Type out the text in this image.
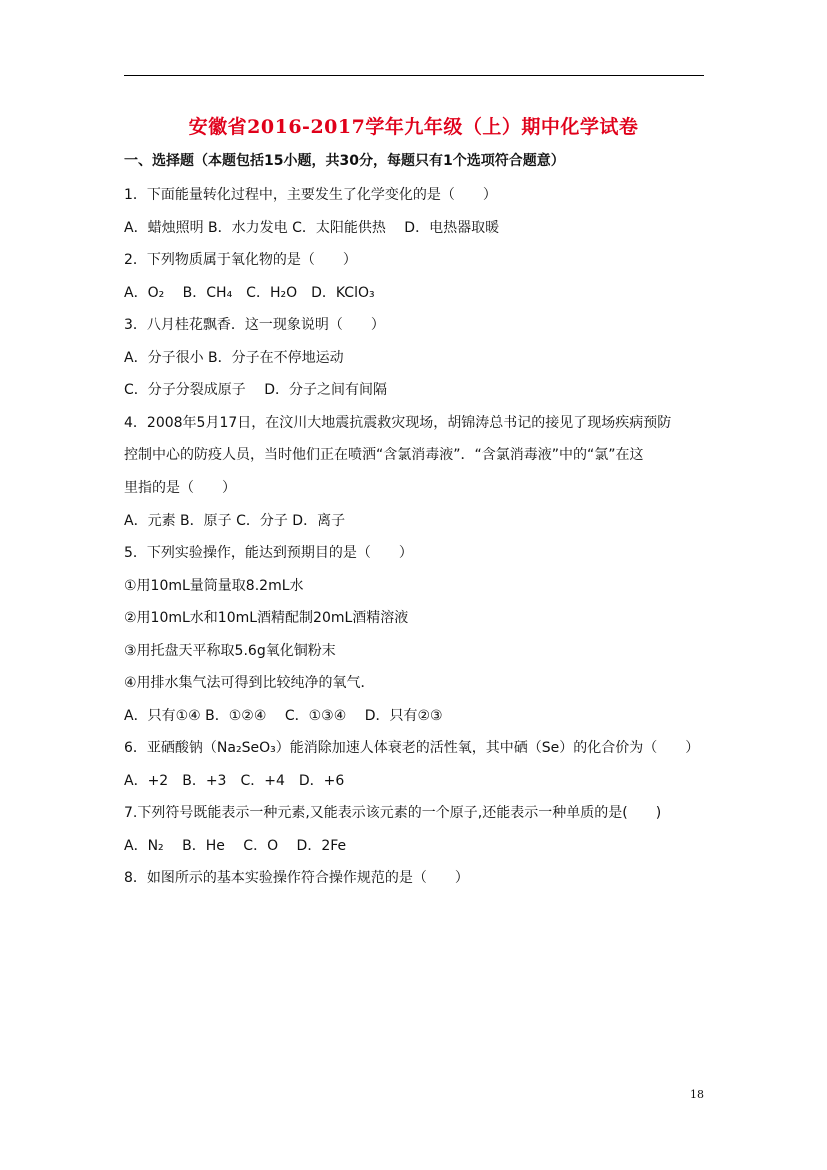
安徽省2016-2017学年九年级（上）期中化学试卷
一、选择题（本题包括15小题，共30分，每题只有1个选项符合题意）
1．下面能量转化过程中，主要发生了化学变化的是（　　）
A．蜡烛照明 B．水力发电 C．太阳能供热　 D．电热器取暖
2．下列物质属于氧化物的是（　　）
A．O₂　 B．CH₄　C．H₂O　D．KClO₃
3．八月桂花飘香．这一现象说明（　　）
A．分子很小 B．分子在不停地运动
C．分子分裂成原子　 D．分子之间有间隔
4．2008年5月17日，在汶川大地震抗震救灾现场，胡锦涛总书记的接见了现场疾病预防
控制中心的防疫人员，当时他们正在喷洒“含氯消毒液”．“含氯消毒液”中的“氯”在这
里指的是（　　）
A．元素 B．原子 C．分子 D．离子
5．下列实验操作，能达到预期目的是（　　）
①用10mL量筒量取8.2mL水
②用10mL水和10mL酒精配制20mL酒精溶液
③用托盘天平称取5.6g氧化铜粉末
④用排水集气法可得到比较纯净的氧气．
A．只有①④ B．①②④　 C．①③④　 D．只有②③
6．亚硒酸钠（Na₂SeO₃）能消除加速人体衰老的活性氧，其中硒（Se）的化合价为（　　）
A．+2　B．+3　C．+4　D．+6
7.下列符号既能表示一种元素,又能表示该元素的一个原子,还能表示一种单质的是(　　)
A．N₂　 B．He　 C．O　 D．2Fe
8．如图所示的基本实验操作符合操作规范的是（　　）
18
